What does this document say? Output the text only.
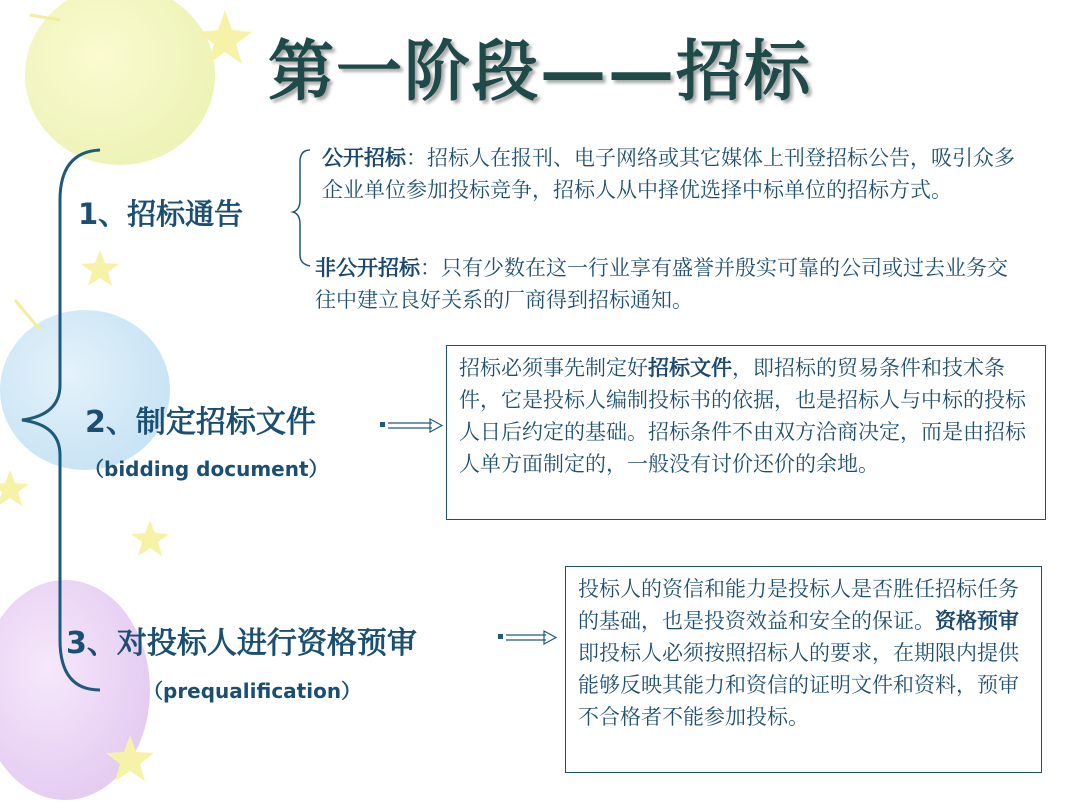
第一阶段——招标
1、招标通告
公开招标：招标人在报刊、电子网络或其它媒体上刊登招标公告，吸引众多企业单位参加投标竞争，招标人从中择优选择中标单位的招标方式。
非公开招标：只有少数在这一行业享有盛誉并殷实可靠的公司或过去业务交往中建立良好关系的厂商得到招标通知。
2、制定招标文件
（bidding document）
招标必须事先制定好招标文件，即招标的贸易条件和技术条件，它是投标人编制投标书的依据，也是招标人与中标的投标人日后约定的基础。招标条件不由双方洽商决定，而是由招标人单方面制定的，一般没有讨价还价的余地。
3、对投标人进行资格预审
（prequalification）
投标人的资信和能力是投标人是否胜任招标任务的基础，也是投资效益和安全的保证。资格预审即投标人必须按照招标人的要求，在期限内提供能够反映其能力和资信的证明文件和资料，预审不合格者不能参加投标。
